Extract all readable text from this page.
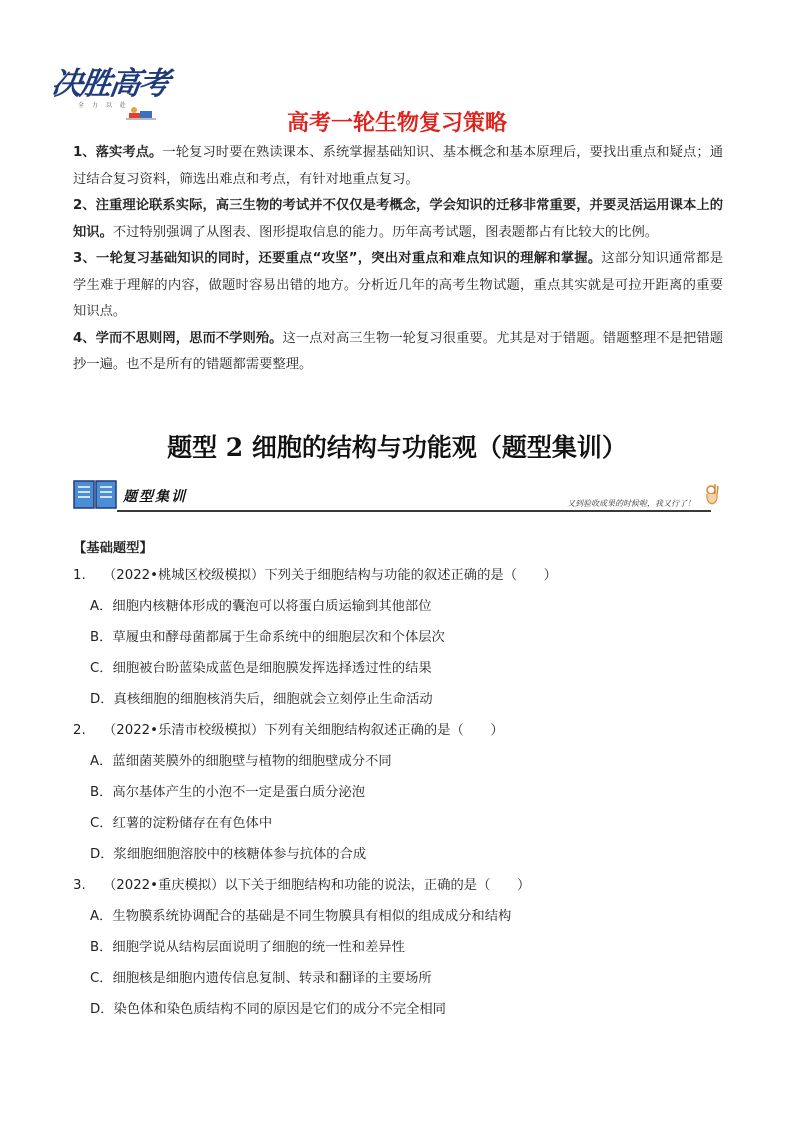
决胜高考
全 力 以 赴
高考一轮生物复习策略

1、落实考点。一轮复习时要在熟读课本、系统掌握基础知识、基本概念和基本原理后，要找出重点和疑点；通过结合复习资料，筛选出难点和考点，有针对地重点复习。

2、注重理论联系实际，高三生物的考试并不仅仅是考概念，学会知识的迁移非常重要，并要灵活运用课本上的知识。不过特别强调了从图表、图形提取信息的能力。历年高考试题，图表题都占有比较大的比例。

3、一轮复习基础知识的同时，还要重点“攻坚”，突出对重点和难点知识的理解和掌握。这部分知识通常都是学生难于理解的内容，做题时容易出错的地方。分析近几年的高考生物试题，重点其实就是可拉开距离的重要知识点。

4、学而不思则罔，思而不学则殆。这一点对高三生物一轮复习很重要。尤其是对于错题。错题整理不是把错题抄一遍。也不是所有的错题都需要整理。

题型 2 细胞的结构与功能观（题型集训）
题型集训	又到验收成果的时候啦，我又行了！
【基础题型】
1. （2022•桃城区校级模拟）下列关于细胞结构与功能的叙述正确的是（　　）
A．细胞内核糖体形成的囊泡可以将蛋白质运输到其他部位
B．草履虫和酵母菌都属于生命系统中的细胞层次和个体层次
C．细胞被台盼蓝染成蓝色是细胞膜发挥选择透过性的结果
D．真核细胞的细胞核消失后，细胞就会立刻停止生命活动
2. （2022•乐清市校级模拟）下列有关细胞结构叙述正确的是（　　）
A．蓝细菌荚膜外的细胞壁与植物的细胞壁成分不同
B．高尔基体产生的小泡不一定是蛋白质分泌泡
C．红薯的淀粉储存在有色体中
D．浆细胞细胞溶胶中的核糖体参与抗体的合成
3. （2022•重庆模拟）以下关于细胞结构和功能的说法，正确的是（　　）
A．生物膜系统协调配合的基础是不同生物膜具有相似的组成成分和结构
B．细胞学说从结构层面说明了细胞的统一性和差异性
C．细胞核是细胞内遗传信息复制、转录和翻译的主要场所
D．染色体和染色质结构不同的原因是它们的成分不完全相同
